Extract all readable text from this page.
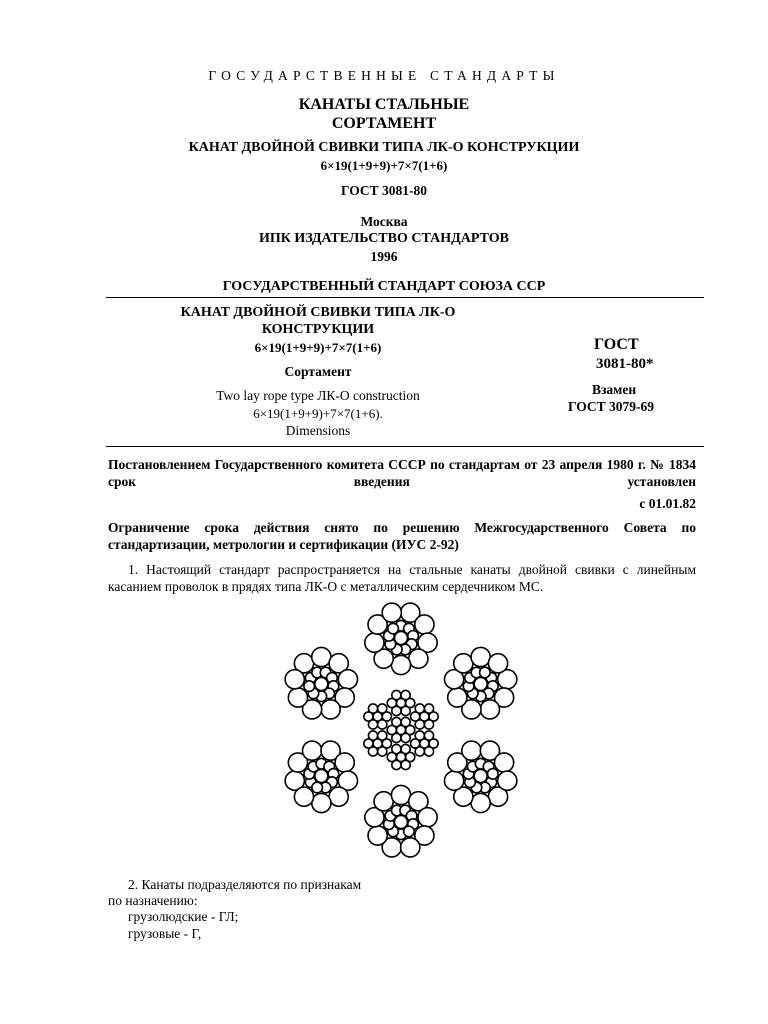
ГОСУДАРСТВЕННЫЕ СТАНДАРТЫ
КАНАТЫ СТАЛЬНЫЕ
СОРТАМЕНТ
КАНАТ ДВОЙНОЙ СВИВКИ ТИПА ЛК-О КОНСТРУКЦИИ
6×19(1+9+9)+7×7(1+6)
ГОСТ 3081-80
Москва
ИПК ИЗДАТЕЛЬСТВО СТАНДАРТОВ
1996
ГОСУДАРСТВЕННЫЙ СТАНДАРТ СОЮЗА ССР
КАНАТ ДВОЙНОЙ СВИВКИ ТИПА ЛК-О
КОНСТРУКЦИИ
6×19(1+9+9)+7×7(1+6)
Сортамент
Two lay rope type ЛК-О construction
6×19(1+9+9)+7×7(1+6).
Dimensions
ГОСТ
3081-80*
Взамен
ГОСТ 3079-69
Постановлением Государственного комитета СССР по стандартам от 23 апреля 1980 г. № 1834 срок введения установлен
с 01.01.82
Ограничение срока действия снято по решению Межгосударственного Совета по стандартизации, метрологии и сертификации (ИУС 2-92)
1. Настоящий стандарт распространяется на стальные канаты двойной свивки с линейным касанием проволок в прядях типа ЛК-О с металлическим сердечником МС.
2. Канаты подразделяются по признакам
по назначению:
грузолюдские - ГЛ;
грузовые - Г,
